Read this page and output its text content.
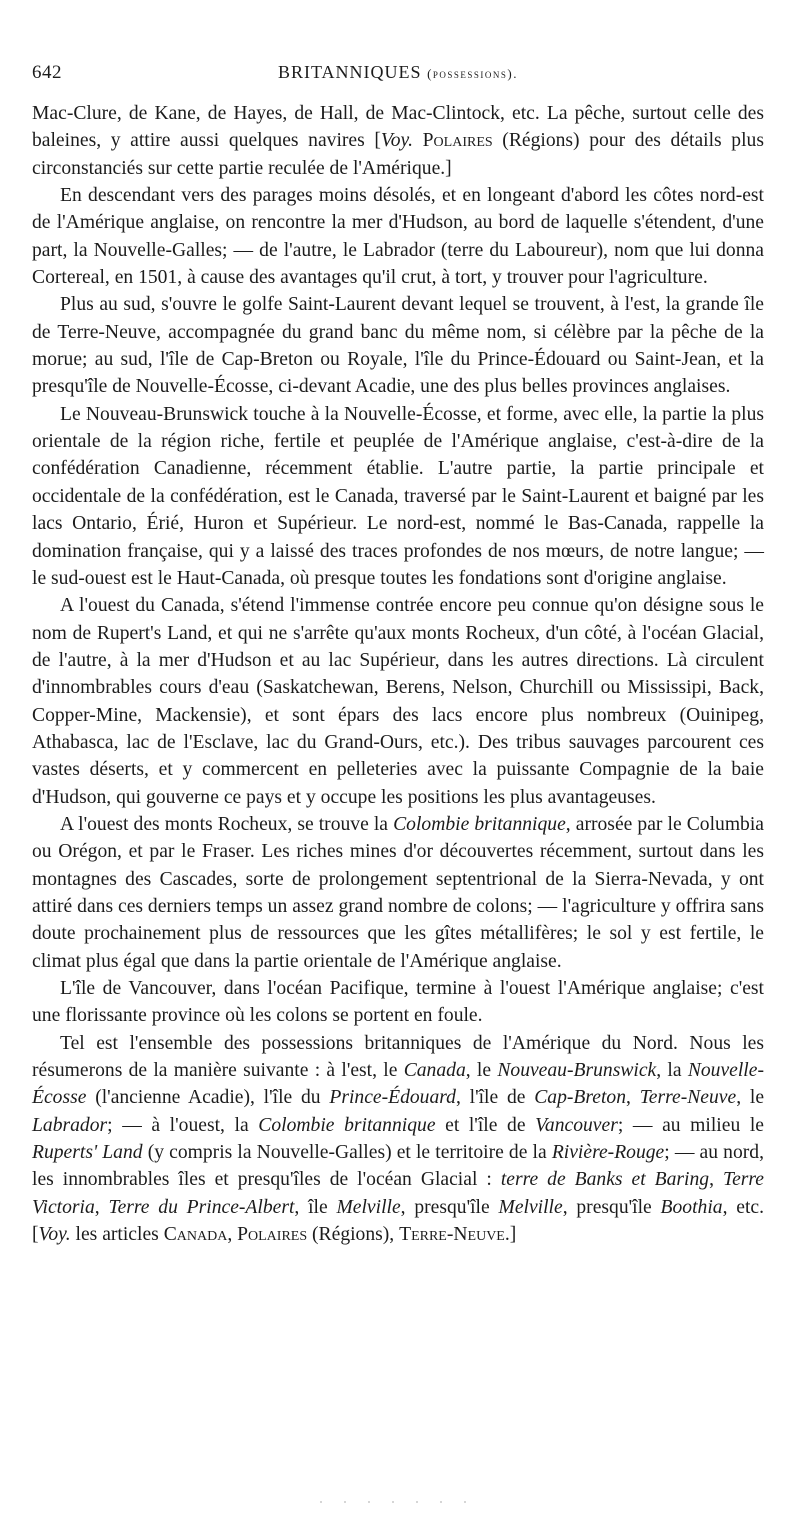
642	BRITANNIQUES (possessions).

Mac-Clure, de Kane, de Hayes, de Hall, de Mac-Clintock, etc. La pêche, surtout celle des baleines, y attire aussi quelques navires [Voy. Polaires (Régions) pour des détails plus circonstanciés sur cette partie reculée de l'Amérique.]

En descendant vers des parages moins désolés, et en longeant d'abord les côtes nord-est de l'Amérique anglaise, on rencontre la mer d'Hudson, au bord de laquelle s'étendent, d'une part, la Nouvelle-Galles; — de l'autre, le Labrador (terre du Laboureur), nom que lui donna Cortereal, en 1501, à cause des avantages qu'il crut, à tort, y trouver pour l'agriculture.

Plus au sud, s'ouvre le golfe Saint-Laurent devant lequel se trouvent, à l'est, la grande île de Terre-Neuve, accompagnée du grand banc du même nom, si célèbre par la pêche de la morue; au sud, l'île de Cap-Breton ou Royale, l'île du Prince-Édouard ou Saint-Jean, et la presqu'île de Nouvelle-Écosse, ci-devant Acadie, une des plus belles provinces anglaises.

Le Nouveau-Brunswick touche à la Nouvelle-Écosse, et forme, avec elle, la partie la plus orientale de la région riche, fertile et peuplée de l'Amérique anglaise, c'est-à-dire de la confédération Canadienne, récemment établie. L'autre partie, la partie principale et occidentale de la confédération, est le Canada, traversé par le Saint-Laurent et baigné par les lacs Ontario, Érié, Huron et Supérieur. Le nord-est, nommé le Bas-Canada, rappelle la domination française, qui y a laissé des traces profondes de nos mœurs, de notre langue; — le sud-ouest est le Haut-Canada, où presque toutes les fondations sont d'origine anglaise.

A l'ouest du Canada, s'étend l'immense contrée encore peu connue qu'on désigne sous le nom de Rupert's Land, et qui ne s'arrête qu'aux monts Rocheux, d'un côté, à l'océan Glacial, de l'autre, à la mer d'Hudson et au lac Supérieur, dans les autres directions. Là circulent d'innombrables cours d'eau (Saskatchewan, Berens, Nelson, Churchill ou Mississipi, Back, Copper-Mine, Mackensie), et sont épars des lacs encore plus nombreux (Ouinipeg, Athabasca, lac de l'Esclave, lac du Grand-Ours, etc.). Des tribus sauvages parcourent ces vastes déserts, et y commercent en pelleteries avec la puissante Compagnie de la baie d'Hudson, qui gouverne ce pays et y occupe les positions les plus avantageuses.

A l'ouest des monts Rocheux, se trouve la Colombie britannique, arrosée par le Columbia ou Orégon, et par le Fraser. Les riches mines d'or découvertes récemment, surtout dans les montagnes des Cascades, sorte de prolongement septentrional de la Sierra-Nevada, y ont attiré dans ces derniers temps un assez grand nombre de colons; — l'agriculture y offrira sans doute prochainement plus de ressources que les gîtes métallifères; le sol y est fertile, le climat plus égal que dans la partie orientale de l'Amérique anglaise.

L'île de Vancouver, dans l'océan Pacifique, termine à l'ouest l'Amérique anglaise; c'est une florissante province où les colons se portent en foule.

Tel est l'ensemble des possessions britanniques de l'Amérique du Nord. Nous les résumerons de la manière suivante : à l'est, le Canada, le Nouveau-Brunswick, la Nouvelle-Écosse (l'ancienne Acadie), l'île du Prince-Édouard, l'île de Cap-Breton, Terre-Neuve, le Labrador; — à l'ouest, la Colombie britannique et l'île de Vancouver; — au milieu le Ruperts' Land (y compris la Nouvelle-Galles) et le territoire de la Rivière-Rouge; — au nord, les innombrables îles et presqu'îles de l'océan Glacial : terre de Banks et Baring, Terre Victoria, Terre du Prince-Albert, île Melville, presqu'île Melville, presqu'île Boothia, etc. [Voy. les articles Canada, Polaires (Régions), Terre-Neuve.]
